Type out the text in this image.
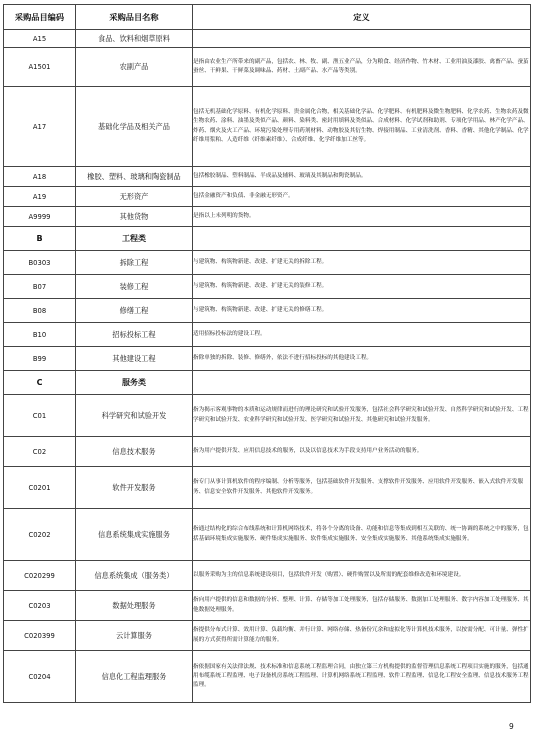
采购品目编码	采购品目名称	定义
A15	食品、饮料和烟草原料	
A1501	农副产品	是指由农业生产所带来的副产品，包括农、林、牧、副、渔五业产品，分为粮食、经济作物、竹木材、工业用油及漆胶、禽畜产品、蚕茧蚕丝、干鲜果、干鲜菜及调味品、药材、土副产品、水产品等类别。
A17	基础化学品及相关产品	包括无机基础化学原料、有机化学原料、贵金属化合物，相关基础化学品、化学肥料、有机肥料及微生物肥料、化学农药、生物农药及微生物农药、涂料、油墨及类似产品、颜料、染料类、密封用填料及类似品、合成材料、化学试剂和助剂、专项化学用品、林产化学产品、炸药、烟火及火工产品、环境污染处理专用药剂材料、动物胶及其衍生物、焊接用制品、工业清洗剂、香料、香精、其他化学制品、化学纤维用浆粕、人造纤维（纤维素纤维）、合成纤维、化学纤维加工丝等。
A18	橡胶、塑料、玻璃和陶瓷制品	包括橡胶制品、塑料制品、半成品及辅料、玻璃及其制品和陶瓷制品。
A19	无形资产	包括金融资产和负债、非金融无形资产。
A9999	其他货物	是指以上未列明的货物。
B	工程类	
B0303	拆除工程	与建筑物、构筑物新建、改建、扩建无关的拆除工程。
B07	装修工程	与建筑物、构筑物新建、改建、扩建无关的装修工程。
B08	修缮工程	与建筑物、构筑物新建、改建、扩建无关的修缮工程。
B10	招标投标工程	适用招标投标法的建设工程。
B99	其他建设工程	指除单独的拆除、装修、修缮外，依法不进行招标投标的其他建设工程。
C	服务类	
C01	科学研究和试验开发	指为揭示客观事物的本质和运动规律而进行的理论研究和试验开发服务，包括社会科学研究和试验开发、自然科学研究和试验开发、工程学研究和试验开发、农业科学研究和试验开发、医学研究和试验开发、其他研究和试验开发服务。
C02	信息技术服务	指为用户提供开发、应用信息技术的服务，以及以信息技术为手段支持用户业务活动的服务。
C0201	软件开发服务	指专门从事计算机软件的程序编制、分析等服务，包括基础软件开发服务、支撑软件开发服务、应用软件开发服务、嵌入式软件开发服务、信息安全软件开发服务、其他软件开发服务。
C0202	信息系统集成实施服务	指通过结构化的综合布线系统和计算机网络技术，将各个分离的设备、功能和信息等集成到相互关联的、统一协调的系统之中的服务，包括基础环境集成实施服务、硬件集成实施服务、软件集成实施服务、安全集成实施服务、其他系统集成实施服务。
C020299	信息系统集成（服务类）	以服务采购为主的信息系统建设项目，包括软件开发（购置）、硬件购置以及所需的配套维修改造和环境建设。
C0203	数据处理服务	指向用户提供的信息和数据的分析、整理、计算、存储等加工处理服务，包括存储服务、数据加工处理服务、数字内容加工处理服务、其他数据处理服务。
C020399	云计算服务	指提供分布式计算、效用计算、负载均衡、并行计算、网络存储、热备份冗余和虚拟化等计算机技术服务，以按需分配、可计量、弹性扩展的方式获得所需计算能力的服务。
C0204	信息化工程监理服务	指依据国家有关法律法规、技术标准和信息系统工程监理合同，由独立第三方机构提供的监督管理信息系统工程项目实施的服务，包括通用布缆系统工程监理、电子设备机房系统工程监理、计算机网络系统工程监理、软件工程监理、信息化工程安全监理、信息技术服务工程监理。
9
